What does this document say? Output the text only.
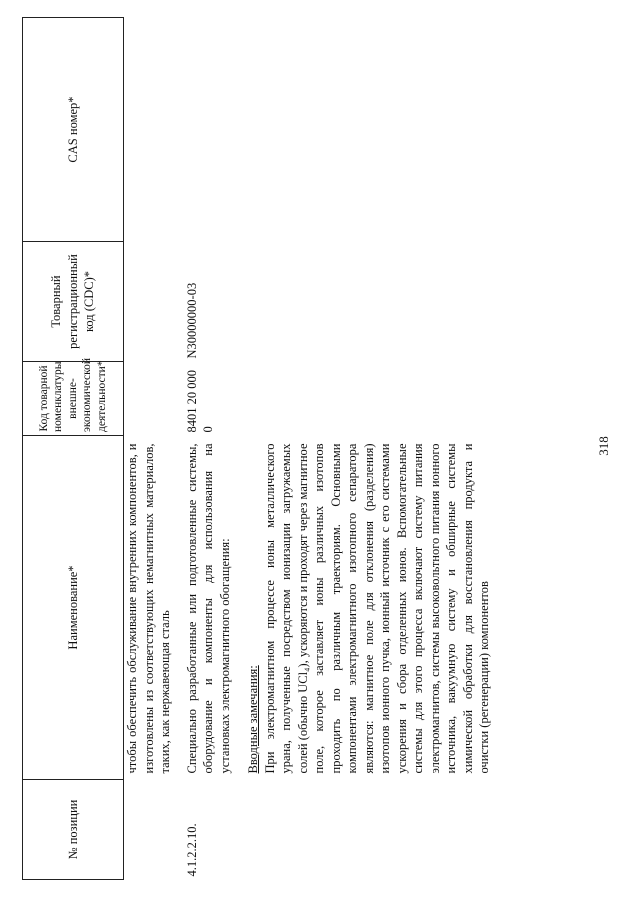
№ позиции	Наименование*	Код товарной номенклатуры внешне-экономической деятельности*	Товарный регистрационный код (CDC)*	CAS номер*
	чтобы обеспечить обслуживание внутренних компонентов, и изготовлены из соответствующих немагнитных материалов, таких, как нержавеющая сталь			

4.1.2.2.10.	Специально разработанные или подготовленные системы, оборудование и компоненты для использования на установках электромагнитного обогащения: Вводные замечания: При электромагнитном процессе ионы металлического урана, полученные посредством ионизации загружаемых солей (обычно UCl₄), ускоряются и проходят через магнитное поле, которое заставляет ионы различных изотопов проходить по различным траекториям. Основными компонентами электромагнитного изотопного сепаратора являются: магнитное поле для отклонения (разделения) изотопов ионного пучка, ионный источник с его системами ускорения и сбора отделенных ионов. Вспомогательные системы для этого процесса включают систему питания электромагнитов, системы высоковольтного питания ионного источника, вакуумную систему и обширные системы химической обработки для восстановления продукта и очистки (регенерации) компонентов	8401 20 000 0	N30000000-03	
318
